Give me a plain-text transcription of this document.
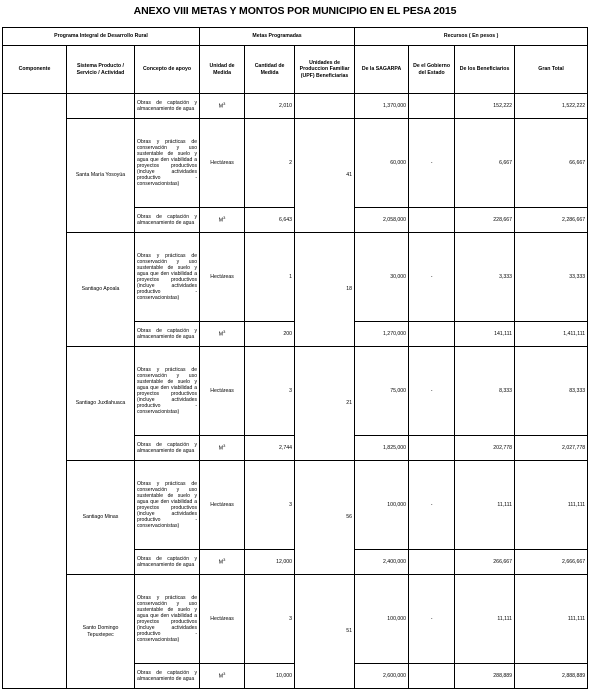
ANEXO VIII METAS Y MONTOS POR MUNICIPIO EN EL PESA 2015
Programa Integral de Desarrollo Rural			Metas Programadas			Recursos ( En pesos )			
Componente	Sistema Producto / Servicio / Actividad	Concepto de apoyo	Unidad de Medida	Cantidad de Medida	Unidades de Produccion Familiar (UPF) Beneficiarias	De la SAGARPA	De el Gobierno del Estado	De los Beneficiarios	Gran Total
		Obras de captación y almacenamiento de agua	$M^3$	2,010		1,370,000		152,222	1,522,222
	Santa María Yosoyúa	Obras y prácticas de conservación y uso sustentable de suelo y agua que den viabilidad a proyectos productivos (incluye actividades productivo - conservacionistas)	Hectáreas	2	41	60,000	-	6,667	66,667
		Obras de captación y almacenamiento de agua	$M^3$	6,643		2,058,000		228,667	2,286,667
	Santiago Apoala	Obras y prácticas de conservación y uso sustentable de suelo y agua que den viabilidad a proyectos productivos (incluye actividades productivo - conservacionistas)	Hectáreas	1	18	30,000	-	3,333	33,333
		Obras de captación y almacenamiento de agua	$M^3$	200		1,270,000		141,111	1,411,111
	Santiago Juxtlahuaca	Obras y prácticas de conservación y uso sustentable de suelo y agua que den viabilidad a proyectos productivos (incluye actividades productivo - conservacionistas)	Hectáreas	3	21	75,000	-	8,333	83,333
		Obras de captación y almacenamiento de agua	$M^3$	2,744		1,825,000		202,778	2,027,778
	Santiago Minas	Obras y prácticas de conservación y uso sustentable de suelo y agua que den viabilidad a proyectos productivos (incluye actividades productivo - conservacionistas)	Hectáreas	3	56	100,000	-	11,111	111,111
		Obras de captación y almacenamiento de agua	$M^3$	12,000		2,400,000		266,667	2,666,667
	Santo Domingo Tepuxtepec	Obras y prácticas de conservación y uso sustentable de suelo y agua que den viabilidad a proyectos productivos (incluye actividades productivo - conservacionistas)	Hectáreas	3	51	100,000	-	11,111	111,111
		Obras de captación y almacenamiento de agua	$M^3$	10,000		2,600,000		288,889	2,888,889
